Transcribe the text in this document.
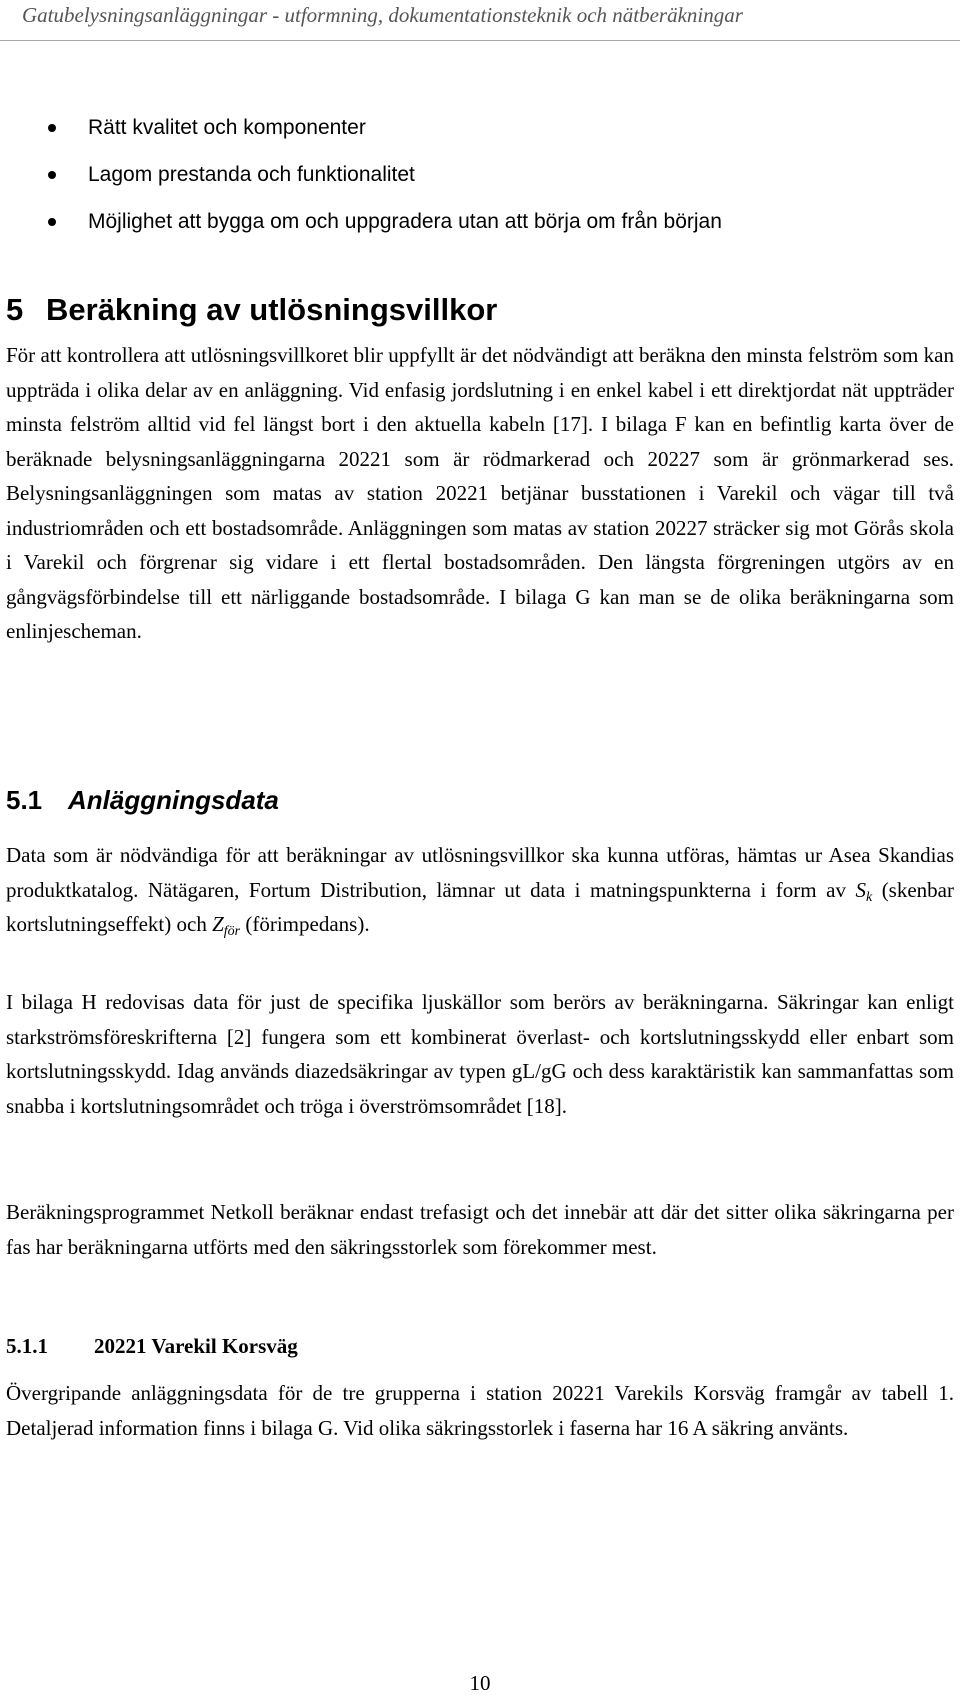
Gatubelysningsanläggningar - utformning, dokumentationsteknik och nätberäkningar
Rätt kvalitet och komponenter
Lagom prestanda och funktionalitet
Möjlighet att bygga om och uppgradera utan att börja om från början
5 Beräkning av utlösningsvillkor

För att kontrollera att utlösningsvillkoret blir uppfyllt är det nödvändigt att beräkna den minsta felström som kan uppträda i olika delar av en anläggning. Vid enfasig jordslutning i en enkel kabel i ett direktjordat nät uppträder minsta felström alltid vid fel längst bort i den aktuella kabeln [17]. I bilaga F kan en befintlig karta över de beräknade belysningsanläggningarna 20221 som är rödmarkerad och 20227 som är grönmarkerad ses. Belysningsanläggningen som matas av station 20221 betjänar busstationen i Varekil och vägar till två industriområden och ett bostadsområde. Anläggningen som matas av station 20227 sträcker sig mot Görås skola i Varekil och förgrenar sig vidare i ett flertal bostadsområden. Den längsta förgreningen utgörs av en gångvägsförbindelse till ett närliggande bostadsområde. I bilaga G kan man se de olika beräkningarna som enlinjescheman.

5.1 Anläggningsdata

Data som är nödvändiga för att beräkningar av utlösningsvillkor ska kunna utföras, hämtas ur Asea Skandias produktkatalog. Nätägaren, Fortum Distribution, lämnar ut data i matningspunkterna i form av $S_k$ (skenbar kortslutningseffekt) och $Z_{för}$ (förimpedans).

I bilaga H redovisas data för just de specifika ljuskällor som berörs av beräkningarna. Säkringar kan enligt starkströmsföreskrifterna [2] fungera som ett kombinerat överlast- och kortslutningsskydd eller enbart som kortslutningsskydd. Idag används diazedsäkringar av typen gL/gG och dess karaktäristik kan sammanfattas som snabba i kortslutningsområdet och tröga i överströmsområdet [18].

Beräkningsprogrammet Netkoll beräknar endast trefasigt och det innebär att där det sitter olika säkringarna per fas har beräkningarna utförts med den säkringsstorlek som förekommer mest.

5.1.1 20221 Varekil Korsväg

Övergripande anläggningsdata för de tre grupperna i station 20221 Varekils Korsväg framgår av tabell 1. Detaljerad information finns i bilaga G. Vid olika säkringsstorlek i faserna har 16 A säkring använts.

10
